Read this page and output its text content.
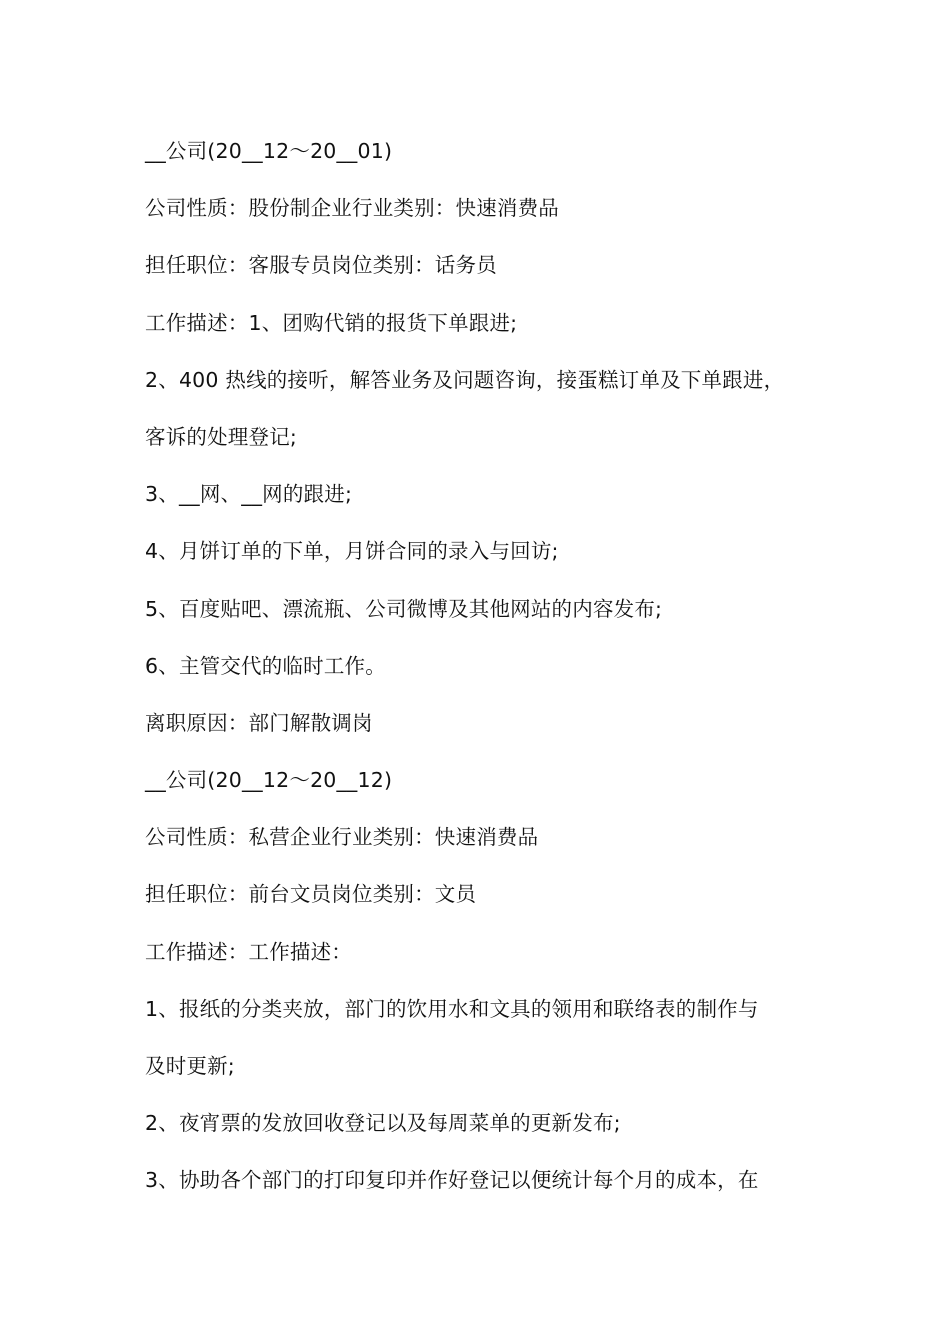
__公司(20__12～20__01)
公司性质：股份制企业行业类别：快速消费品
担任职位：客服专员岗位类别：话务员
工作描述：1、团购代销的报货下单跟进;
2、400 热线的接听，解答业务及问题咨询，接蛋糕订单及下单跟进，
客诉的处理登记;
3、__网、__网的跟进;
4、月饼订单的下单，月饼合同的录入与回访;
5、百度贴吧、漂流瓶、公司微博及其他网站的内容发布;
6、主管交代的临时工作。
离职原因：部门解散调岗
__公司(20__12～20__12)
公司性质：私营企业行业类别：快速消费品
担任职位：前台文员岗位类别：文员
工作描述：工作描述：
1、报纸的分类夹放，部门的饮用水和文具的领用和联络表的制作与
及时更新;
2、夜宵票的发放回收登记以及每周菜单的更新发布;
3、协助各个部门的打印复印并作好登记以便统计每个月的成本，在
